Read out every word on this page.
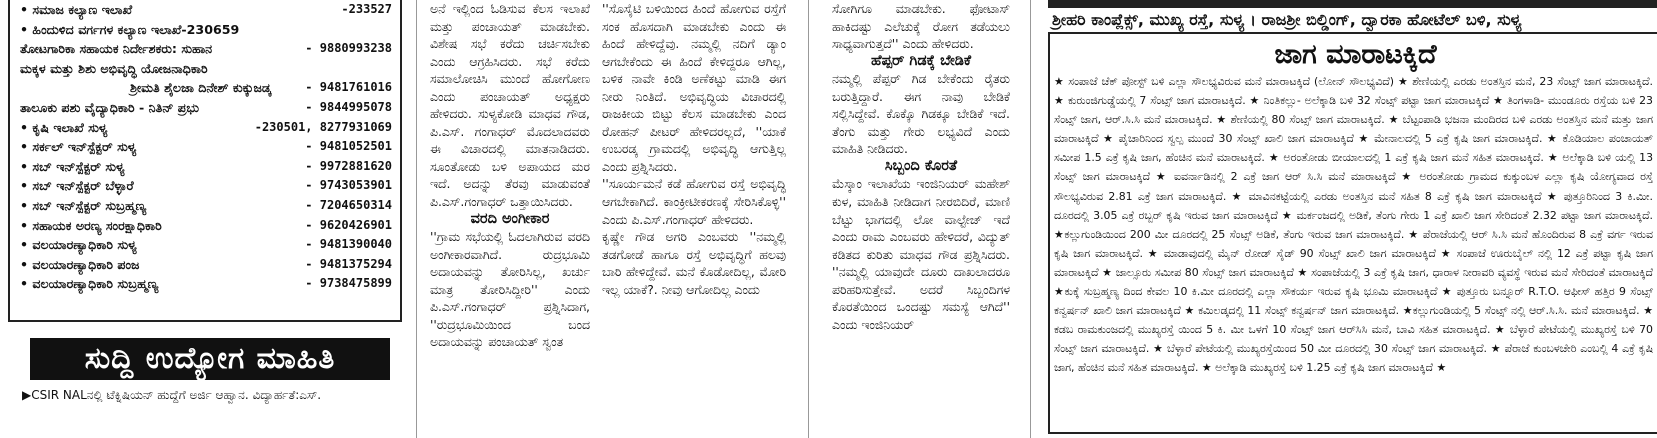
• ಸಮಾಜ ಕಲ್ಯಾಣ ಇಲಾಖೆ	-233527
• ಹಿಂದುಳಿದ ವರ್ಗಗಳ ಕಲ್ಯಾಣ ಇಲಾಖೆ-230659
ತೋಟಗಾರಿಕಾ ಸಹಾಯಕ ನಿರ್ದೇಶಕರು: ಸುಹಾನ	- 9880993238
ಮಕ್ಕಳ ಮತ್ತು ಶಿಶು ಅಭಿವೃದ್ಧಿ ಯೋಜನಾಧಿಕಾರಿ
ಶ್ರೀಮತಿ ಶೈಲಜಾ ದಿನೇಶ್ ಕುಕ್ಕುಜಡ್ಕ	- 9481761016
ತಾಲೂಕು ಪಶು ವೈದ್ಯಾಧಿಕಾರಿ - ನಿತಿನ್ ಪ್ರಭು	- 9844995078
• ಕೃಷಿ ಇಲಾಖೆ ಸುಳ್ಯ	-230501, 8277931069
• ಸರ್ಕಲ್ ಇನ್‌ಸ್ಪೆಕ್ಟರ್ ಸುಳ್ಯ	- 9481052501
• ಸಬ್ ಇನ್‌ಸ್ಪೆಕ್ಟರ್ ಸುಳ್ಯ	- 9972881620
• ಸಬ್ ಇನ್‌ಸ್ಪೆಕ್ಟರ್ ಬೆಳ್ಳಾರೆ	- 9743053901
• ಸಬ್ ಇನ್‌ಸ್ಪೆಕ್ಟರ್ ಸುಬ್ರಹ್ಮಣ್ಯ	- 7204650314
• ಸಹಾಯಕ ಅರಣ್ಯ ಸಂರಕ್ಷಾಧಿಕಾರಿ	- 9620426901
• ವಲಯಾರಣ್ಯಾಧಿಕಾರಿ ಸುಳ್ಯ	- 9481390040
• ವಲಯಾರಣ್ಯಾಧಿಕಾರಿ ಪಂಜ	- 9481375294
• ವಲಯಾರಣ್ಯಾಧಿಕಾರಿ ಸುಬ್ರಹ್ಮಣ್ಯ	- 9738475899
ಸುದ್ದಿ ಉದ್ಯೋಗ ಮಾಹಿತಿ
▶CSIR NALನಲ್ಲಿ ಟೆಕ್ನಿಷಿಯನ್ ಹುದ್ದೆಗೆ ಅರ್ಜಿ ಆಹ್ವಾನ. ವಿದ್ಯಾರ್ಹತೆ:ಎಸ್.

ಅನೆ ಇಲ್ಲಿಂದ ಓಡಿಸುವ ಕೆಲಸ ಇಲಾಖೆ ಮತ್ತು ಪಂಚಾಯತ್ ಮಾಡಬೇಕು. ವಿಶೇಷ ಸಭೆ ಕರೆದು ಚರ್ಚಿಸಬೇಕು ಎಂದು ಆಗ್ರಹಿಸಿದರು. ಸಭೆ ಕರೆದು ಸಮಾಲೋಚಿಸಿ ಮುಂದೆ ಹೋಗೋಣ ಎಂದು ಪಂಚಾಯತ್ ಅಧ್ಯಕ್ಷರು ಹೇಳಿದರು. ಸುಳ್ಯಕೋಡಿ ಮಾಧವ ಗೌಡ, ಪಿ.ಎಸ್. ಗಂಗಾಧರ್ ಮೊದಲಾದವರು ಈ ವಿಚಾರದಲ್ಲಿ ಮಾತನಾಡಿದರು. ಸೂಂತೋಡು ಬಳಿ ಅಪಾಯದ ಮರ ಇದೆ. ಅದನ್ನು ತೆರವು ಮಾಡುವಂತೆ ಪಿ.ಎಸ್.ಗಂಗಾಧರ್ ಒತ್ತಾಯಿಸಿದರು.

ವರದಿ ಅಂಗೀಕಾರ

''ಗ್ರಾಮ ಸಭೆಯಲ್ಲಿ ಓದಲಾಗಿರುವ ವರದಿ ಅಂಗೀಕಾರವಾಗಿದೆ. ರುದ್ರಭೂಮಿ ಅದಾಯವನ್ನು ತೋರಿಸಿಲ್ಲ, ಖರ್ಚು ಮಾತ್ರ ತೋರಿಸಿದ್ದೀರಿ'' ಎಂದು ಪಿ.ಎಸ್.ಗಂಗಾಧರ್ ಪ್ರಶ್ನಿಸಿದಾಗ, ''ರುದ್ರಭೂಮಿಯಿಂದ ಬಂದ ಅದಾಯವನ್ನು ಪಂಚಾಯತ್ ಸ್ವಂತ

''ಸೊಸೈಟಿ ಬಳಿಯಿಂದ ಹಿಂದೆ ಹೋಗುವ ರಸ್ತೆಗೆ ಸಂಕ ಹೊಸದಾಗಿ ಮಾಡಬೇಕು ಎಂದು ಈ ಹಿಂದೆ ಹೇಳಿದ್ದೆವು. ನಮ್ಮಲ್ಲಿ ನದಿಗೆ ಡ್ಯಾಂ ಆಗಬೇಕೆಂದು ಈ ಹಿಂದೆ ಕೇಳಿದ್ದರೂ ಆಗಿಲ್ಲ, ಬಳಿಕ ನಾವೇ ಕಿಂಡಿ ಅಣೆಕಟ್ಟು ಮಾಡಿ ಈಗ ನೀರು ನಿಂತಿದೆ. ಅಭಿವೃದ್ಧಿಯ ವಿಚಾರದಲ್ಲಿ ರಾಜಕೀಯ ಬಿಟ್ಟು ಕೆಲಸ ಮಾಡಬೇಕು ಎಂದ ರೋಹನ್ ಪೀಟರ್ ಹೇಳಿದರಲ್ಲದೆ, ''ಯಾಕೆ ಉಬರಡ್ಕ ಗ್ರಾಮದಲ್ಲಿ ಅಭಿವೃದ್ಧಿ ಆಗುತ್ತಿಲ್ಲ ಎಂದು ಪ್ರಶ್ನಿಸಿದರು.

''ಸೂರ್ಯಮನೆ ಕಡೆ ಹೋಗುವ ರಸ್ತೆ ಅಭಿವೃದ್ಧಿ ಆಗಬೇಕಾಗಿದೆ. ಕಾಂಕ್ರೀಟೀಕರಣಕ್ಕೆ ಸೇರಿಸಿಕೊಳ್ಳಿ'' ಎಂದು ಪಿ.ಎಸ್.ಗಂಗಾಧರ್ ಹೇಳಿದರು.

ಕೃಷ್ಣೇ ಗೌಡ ಅಗರಿ ಎಂಬವರು ''ನಮ್ಮಲ್ಲಿ ತಡಗೋಡೆ ಹಾಗೂ ರಸ್ತೆ ಅಭಿವೃದ್ಧಿಗೆ ಹಲವು ಬಾರಿ ಹೇಳಿದ್ದೇವೆ. ಮನೆ ಕೊಡೋದಿಲ್ಲ, ಮೋರಿ ಇಲ್ಲ ಯಾಕೆ?. ನೀವು ಆಗೋದಿಲ್ಲ ಎಂದು

ಸೋಗಿಗೂ ಮಾಡಬೇಕು. ಫೋಟಾಸ್ ಹಾಕಿದಷ್ಟು ಎಲೆಚುಕ್ಕೆ ರೋಗ ತಡೆಯಲು ಸಾಧ್ಯವಾಗುತ್ತದೆ'' ಎಂದು ಹೇಳಿದರು.

ಹೆಪ್ಪರ್ ಗಿಡಕ್ಕೆ ಬೇಡಿಕೆ

ನಮ್ಮಲ್ಲಿ ಪೆಪ್ಪರ್ ಗಿಡ ಬೇಕೆಂದು ರೈತರು ಬರುತ್ತಿದ್ದಾರೆ. ಈಗ ನಾವು ಬೇಡಿಕೆ ಸಲ್ಲಿಸಿದ್ದೇವೆ. ಕೊಕ್ಕೊ ಗಿಡಕ್ಕೂ ಬೇಡಿಕೆ ಇದೆ. ತೆಂಗು ಮತ್ತು ಗೇರು ಲಭ್ಯವಿದೆ ಎಂದು ಮಾಹಿತಿ ನೀಡಿದರು.

ಸಿಬ್ಬಂದಿ ಕೊರತೆ

ಮೆಸ್ಕಾಂ ಇಲಾಖೆಯ ಇಂಜಿನಿಯರ್ ಮಹೇಶ್ ಕುಳ, ಮಾಹಿತಿ ನೀಡಿದಾಗ ನೀರಬಿದಿರೆ, ಮಾಣಿ ಬೆಟ್ಟು ಭಾಗದಲ್ಲಿ ಲೋ ವಾಲ್ಟೇಜ್ ಇದೆ ಎಂದು ರಾಮ ಎಂಬವರು ಹೇಳಿದರೆ, ವಿದ್ಯುತ್ ಕಡಿತದ ಕುರಿತು ಮಾಧವ ಗೌಡ ಪ್ರಶ್ನಿಸಿದರು. ''ನಮ್ಮಲ್ಲಿ ಯಾವುದೇ ದೂರು ದಾಖಲಾದರೂ ಪರಿಹರಿಸುತ್ತೇವೆ. ಅದರೆ ಸಿಬ್ಬಂದಿಗಳ ಕೊರತೆಯಿಂದ ಒಂದಷ್ಟು ಸಮಸ್ಯೆ ಆಗಿದೆ'' ಎಂದು ಇಂಜಿನಿಯರ್

ಶ್ರೀಹರಿ ಕಾಂಪ್ಲೆಕ್ಸ್, ಮುಖ್ಯ ರಸ್ತೆ, ಸುಳ್ಯ । ರಾಜಶ್ರೀ ಬಿಲ್ಡಿಂಗ್, ದ್ವಾರಕಾ ಹೋಟೆಲ್ ಬಳಿ, ಸುಳ್ಯ
ಜಾಗ ಮಾರಾಟಕ್ಕಿದೆ
★ ಸಂಪಾಜೆ ಚೆಕ್ ಪೋಸ್ಟ್ ಬಳಿ ಎಲ್ಲಾ ಸೌಲಭ್ಯವಿರುವ ಮನೆ ಮಾರಾಟಕ್ಕಿದೆ (ಲೋನ್ ಸೌಲಭ್ಯವಿದೆ) ★ ಶೇಣಿಯಲ್ಲಿ ಎರಡು ಅಂತಸ್ತಿನ ಮನೆ, 23 ಸೆಂಟ್ಸ್ ಜಾಗ ಮಾರಾಟಕ್ಕಿದೆ. ★ ಕುರುಂಜಿಗುಡ್ಡೆಯಲ್ಲಿ 7 ಸೆಂಟ್ಸ್ ಜಾಗ ಮಾರಾಟಕ್ಕಿದೆ. ★ ನಿಂತಿಕಲ್ಲು- ಅಲೆಕ್ಕಾಡಿ ಬಳಿ 32 ಸೆಂಟ್ಸ್ ಪಟ್ಟಾ ಜಾಗ ಮಾರಾಟಕ್ಕಿದೆ ★ ತಿಂಗಳಾಡಿ- ಮುಂಡೂರು ರಸ್ತೆಯ ಬಳಿ 23 ಸೆಂಟ್ಸ್ ಜಾಗ, ಆರ್.ಸಿ.ಸಿ ಮನೆ ಮಾರಾಟಕ್ಕಿದೆ. ★ ಶೇಣಿಯಲ್ಲಿ 80 ಸೆಂಟ್ಸ್ ಜಾಗ ಮಾರಾಟಕ್ಕಿದೆ. ★ ಬೆಟ್ಟಂಪಾಡಿ ಭಜನಾ ಮಂದಿರದ ಬಳಿ ಎರಡು ಅಂತಸ್ತಿನ ಮನೆ ಮತ್ತು ಜಾಗ ಮಾರಾಟಕ್ಕಿದೆ ★ ಪೈಚಾರಿನಿಂದ ಸ್ವಲ್ಪ ಮುಂದೆ 30 ಸೆಂಟ್ಸ್ ಖಾಲಿ ಜಾಗ ಮಾರಾಟಕ್ಕಿದೆ ★ ಮೇನಾಲದಲ್ಲಿ 5 ಎಕ್ರೆ ಕೃಷಿ ಜಾಗ ಮಾರಾಟಕ್ಕಿದೆ. ★ ಕೊಡಿಯಾಲ ಪಂಚಾಯತ್ ಸಮೀಪ 1.5 ಎಕ್ರೆ ಕೃಷಿ ಜಾಗ, ಹೆಂಚಿನ ಮನೆ ಮಾರಾಟಕ್ಕಿದೆ. ★ ಅರಂತೋಡು ಬೀಯಾಲದಲ್ಲಿ 1 ಎಕ್ರೆ ಕೃಷಿ ಜಾಗ ಮನೆ ಸಹಿತ ಮಾರಾಟಕ್ಕಿದೆ. ★ ಅಲೆಕ್ಕಾಡಿ ಬಳಿ ಯಲ್ಲಿ 13 ಸೆಂಟ್ಸ್ ಜಾಗ ಮಾರಾಟಕ್ಕಿದೆ ★ ಐವರ್ನಾಡಿನಲ್ಲಿ 2 ಎಕ್ರೆ ಜಾಗ ಆರ್ ಸಿ.ಸಿ ಮನೆ ಮಾರಾಟಕ್ಕಿದೆ ★ ಅರಂತೋಡು ಗ್ರಾಮದ ಕುಕ್ಕುಂಬಳ ಎಲ್ಲಾ ಕೃಷಿ ಯೋಗ್ಯವಾದ ರಸ್ತೆ ಸೌಲಭ್ಯವಿರುವ 2.81 ಎಕ್ರೆ ಜಾಗ ಮಾರಾಟಕ್ಕಿದೆ. ★ ಮಾವಿನಕಟ್ಟೆಯಲ್ಲಿ ಎರಡು ಅಂತಸ್ತಿನ ಮನೆ ಸಹಿತ 8 ಎಕ್ರೆ ಕೃಷಿ ಜಾಗ ಮಾರಾಟಕ್ಕಿದೆ ★ ಪುತ್ತೂರಿನಿಂದ 3 ಕಿ.ಮೀ. ದೂರದಲ್ಲಿ 3.05 ಎಕ್ರೆ ರಬ್ಬರ್ ಕೃಷಿ ಇರುವ ಜಾಗ ಮಾರಾಟಕ್ಕಿದೆ ★ ಮರ್ಕಂಜದಲ್ಲಿ ಅಡಿಕೆ, ತೆಂಗು ಗೇರು 1 ಎಕ್ರೆ ಖಾಲಿ ಜಾಗ ಸೇರಿದಂತೆ 2.32 ಪಟ್ಟಾ ಜಾಗ ಮಾರಾಟಕ್ಕಿದೆ. ★ಕಲ್ಲುಗುಂಡಿಯಿಂದ 200 ಮೀ ದೂರದಲ್ಲಿ 25 ಸೆಂಟ್ಸ್ ಅಡಿಕೆ, ತೆಂಗು ಇರುವ ಜಾಗ ಮಾರಾಟಕ್ಕಿದೆ. ★ ಪೆರಾಜೆಯಲ್ಲಿ ಆರ್ ಸಿ.ಸಿ ಮನೆ ಹೊಂದಿರುವ 8 ಎಕ್ರೆ ವರ್ಗ ಇರುವ ಕೃಷಿ ಜಾಗ ಮಾರಾಟಕ್ಕಿದೆ. ★ ಮಾಡಾವುದಲ್ಲಿ ಮೈನ್ ರೋಡ್ ಸೈಡ್ 90 ಸೆಂಟ್ಸ್ ಖಾಲಿ ಜಾಗ ಮಾರಾಟಕ್ಕಿದೆ ★ ಸಂಪಾಜೆ ಊರುಬೈಲ್ ನಲ್ಲಿ 12 ಎಕ್ರೆ ಪಟ್ಟಾ ಕೃಷಿ ಜಾಗ ಮಾರಾಟಕ್ಕಿದೆ ★ ಜಾಲ್ಸೂರು ಸಮೀಪ 80 ಸೆಂಟ್ಸ್ ಜಾಗ ಮಾರಾಟಕ್ಕಿದೆ ★ ಸಂಪಾಜೆಯಲ್ಲಿ 3 ಎಕ್ರೆ ಕೃಷಿ ಜಾಗ, ಧಾರಾಳ ನೀರಾವರಿ ವ್ಯವಸ್ಥೆ ಇರುವ ಮನೆ ಸೇರಿದಂತೆ ಮಾರಾಟಕ್ಕಿದೆ ★ಕುಕ್ಕೆ ಸುಬ್ರಹ್ಮಣ್ಯ ದಿಂದ ಕೇವಲ 10 ಕಿ.ಮೀ ದೂರದಲ್ಲಿ ಎಲ್ಲಾ ಸೌಕರ್ಯ ಇರುವ ಕೃಷಿ ಭೂಮಿ ಮಾರಾಟಕ್ಕಿದೆ ★ ಪುತ್ತೂರು ಬನ್ನೂರ್ R.T.O. ಆಫೀಸ್ ಹತ್ತಿರ 9 ಸೆಂಟ್ಸ್ ಕನ್ವರ್ಷನ್ ಖಾಲಿ ಜಾಗ ಮಾರಾಟಕ್ಕಿದೆ ★ ಕಮಿಲಡ್ಕದಲ್ಲಿ 11 ಸೆಂಟ್ಸ್ ಕನ್ವರ್ಷನ್ ಜಾಗ ಮಾರಾಟಕ್ಕಿದೆ. ★ಕಲ್ಲುಗುಂಡಿಯಲ್ಲಿ 5 ಸೆಂಟ್ಸ್ ನಲ್ಲಿ ಆರ್.ಸಿ.ಸಿ. ಮನೆ ಮಾರಾಟಕ್ಕಿದೆ. ★ ಕಡಬ ರಾಮಕುಂಜದಲ್ಲಿ ಮುಖ್ಯರಸ್ತೆ ಯಿಂದ 5 ಕಿ. ಮೀ ಒಳಗೆ 10 ಸೆಂಟ್ಸ್ ಜಾಗ ಆರ್‌ಸಿಸಿ ಮನೆ, ಬಾವಿ ಸಹಿತ ಮಾರಾಟಕ್ಕಿದೆ. ★ ಬೆಳ್ಳಾರೆ ಪೇಟೆಯಲ್ಲಿ ಮುಖ್ಯರಸ್ತೆ ಬಳಿ 70 ಸೆಂಟ್ಸ್ ಜಾಗ ಮಾರಾಟಕ್ಕಿದೆ. ★ ಬೆಳ್ಳಾರೆ ಪೇಟೆಯಲ್ಲಿ ಮುಖ್ಯರಸ್ತೆಯಿಂದ 50 ಮೀ ದೂರದಲ್ಲಿ 30 ಸೆಂಟ್ಸ್ ಜಾಗ ಮಾರಾಟಕ್ಕಿದೆ. ★ ಪೆರಾಜೆ ಕುಂಬಳಚೇರಿ ಎಂಬಲ್ಲಿ 4 ಎಕ್ರೆ ಕೃಷಿ ಜಾಗ, ಹೆಂಚಿನ ಮನೆ ಸಹಿತ ಮಾರಾಟಕ್ಕಿದೆ. ★ ಅಲೆಕ್ಕಾಡಿ ಮುಖ್ಯರಸ್ತೆ ಬಳಿ 1.25 ಎಕ್ರೆ ಕೃಷಿ ಜಾಗ ಮಾರಾಟಕ್ಕಿದೆ ★
